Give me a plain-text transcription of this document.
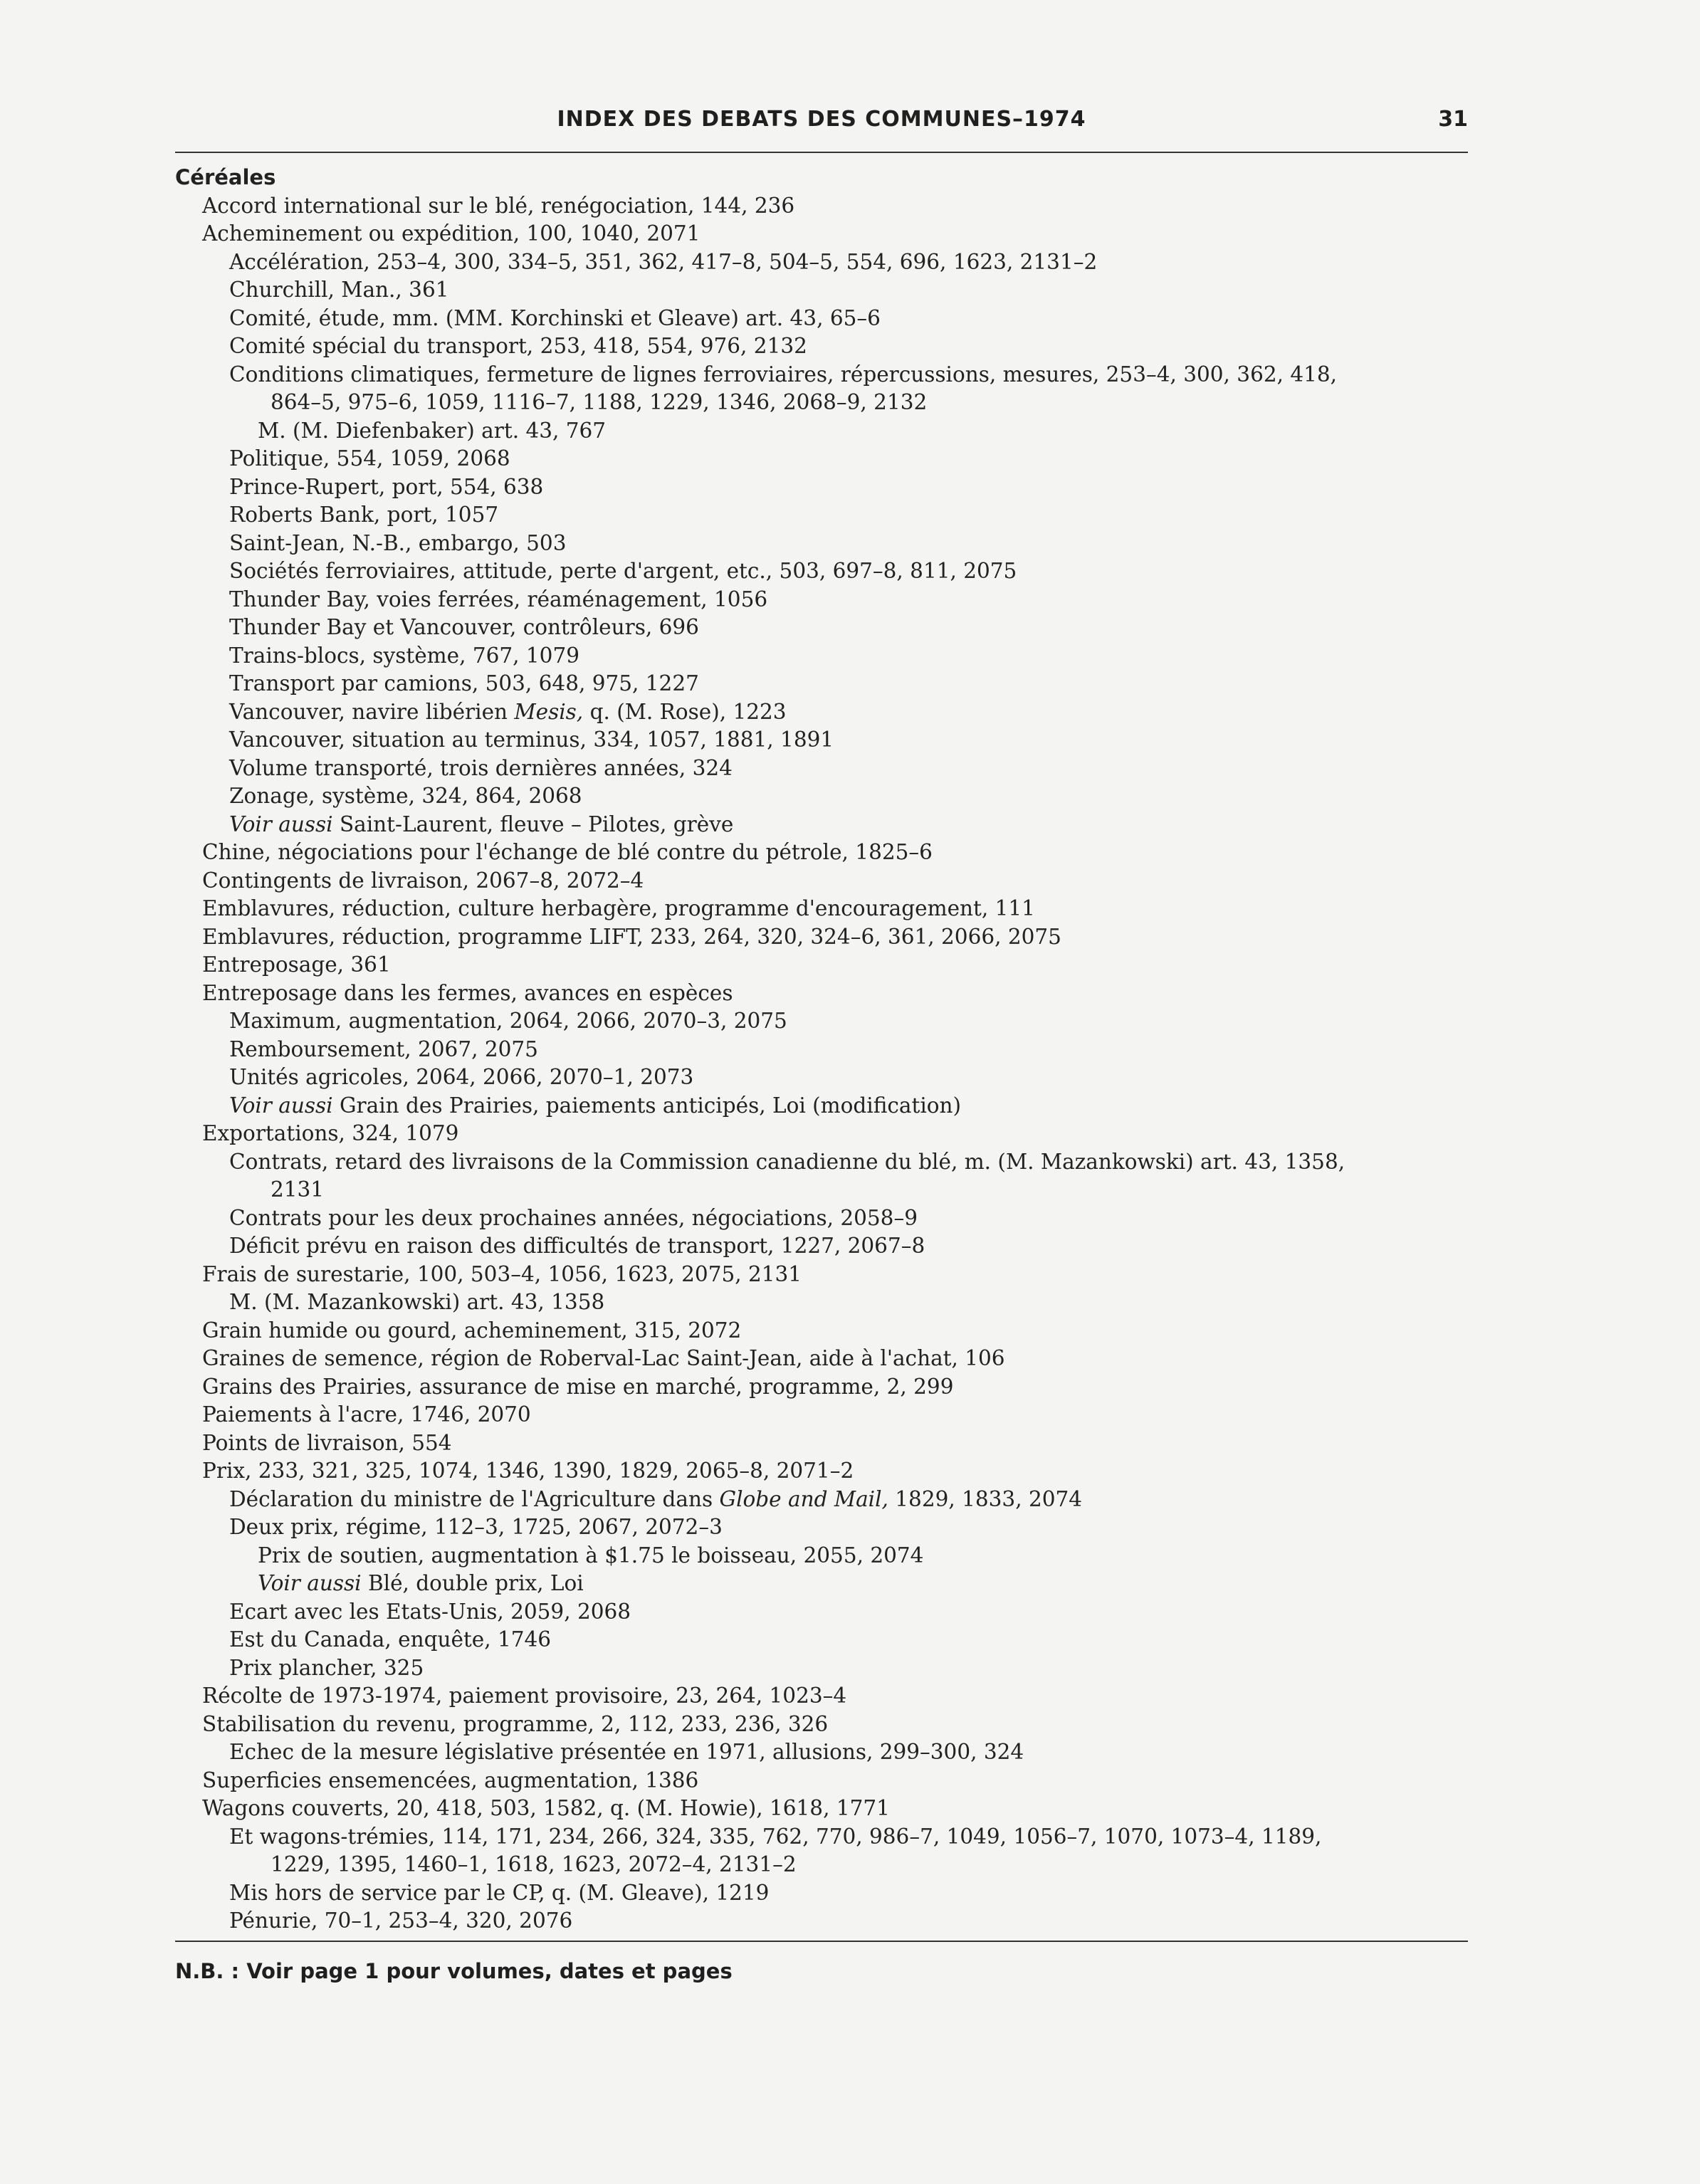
INDEX DES DEBATS DES COMMUNES–1974	31
Céréales
Accord international sur le blé, renégociation, 144, 236
Acheminement ou expédition, 100, 1040, 2071
Accélération, 253–4, 300, 334–5, 351, 362, 417–8, 504–5, 554, 696, 1623, 2131–2
Churchill, Man., 361
Comité, étude, mm. (MM. Korchinski et Gleave) art. 43, 65–6
Comité spécial du transport, 253, 418, 554, 976, 2132
Conditions climatiques, fermeture de lignes ferroviaires, répercussions, mesures, 253–4, 300, 362, 418,
864–5, 975–6, 1059, 1116–7, 1188, 1229, 1346, 2068–9, 2132
M. (M. Diefenbaker) art. 43, 767
Politique, 554, 1059, 2068
Prince-Rupert, port, 554, 638
Roberts Bank, port, 1057
Saint-Jean, N.-B., embargo, 503
Sociétés ferroviaires, attitude, perte d'argent, etc., 503, 697–8, 811, 2075
Thunder Bay, voies ferrées, réaménagement, 1056
Thunder Bay et Vancouver, contrôleurs, 696
Trains-blocs, système, 767, 1079
Transport par camions, 503, 648, 975, 1227
Vancouver, navire libérien Mesis, q. (M. Rose), 1223
Vancouver, situation au terminus, 334, 1057, 1881, 1891
Volume transporté, trois dernières années, 324
Zonage, système, 324, 864, 2068
Voir aussi Saint-Laurent, fleuve – Pilotes, grève
Chine, négociations pour l'échange de blé contre du pétrole, 1825–6
Contingents de livraison, 2067–8, 2072–4
Emblavures, réduction, culture herbagère, programme d'encouragement, 111
Emblavures, réduction, programme LIFT, 233, 264, 320, 324–6, 361, 2066, 2075
Entreposage, 361
Entreposage dans les fermes, avances en espèces
Maximum, augmentation, 2064, 2066, 2070–3, 2075
Remboursement, 2067, 2075
Unités agricoles, 2064, 2066, 2070–1, 2073
Voir aussi Grain des Prairies, paiements anticipés, Loi (modification)
Exportations, 324, 1079
Contrats, retard des livraisons de la Commission canadienne du blé, m. (M. Mazankowski) art. 43, 1358,
2131
Contrats pour les deux prochaines années, négociations, 2058–9
Déficit prévu en raison des difficultés de transport, 1227, 2067–8
Frais de surestarie, 100, 503–4, 1056, 1623, 2075, 2131
M. (M. Mazankowski) art. 43, 1358
Grain humide ou gourd, acheminement, 315, 2072
Graines de semence, région de Roberval-Lac Saint-Jean, aide à l'achat, 106
Grains des Prairies, assurance de mise en marché, programme, 2, 299
Paiements à l'acre, 1746, 2070
Points de livraison, 554
Prix, 233, 321, 325, 1074, 1346, 1390, 1829, 2065–8, 2071–2
Déclaration du ministre de l'Agriculture dans Globe and Mail, 1829, 1833, 2074
Deux prix, régime, 112–3, 1725, 2067, 2072–3
Prix de soutien, augmentation à $1.75 le boisseau, 2055, 2074
Voir aussi Blé, double prix, Loi
Ecart avec les Etats-Unis, 2059, 2068
Est du Canada, enquête, 1746
Prix plancher, 325
Récolte de 1973-1974, paiement provisoire, 23, 264, 1023–4
Stabilisation du revenu, programme, 2, 112, 233, 236, 326
Echec de la mesure législative présentée en 1971, allusions, 299–300, 324
Superficies ensemencées, augmentation, 1386
Wagons couverts, 20, 418, 503, 1582, q. (M. Howie), 1618, 1771
Et wagons-trémies, 114, 171, 234, 266, 324, 335, 762, 770, 986–7, 1049, 1056–7, 1070, 1073–4, 1189,
1229, 1395, 1460–1, 1618, 1623, 2072–4, 2131–2
Mis hors de service par le CP, q. (M. Gleave), 1219
Pénurie, 70–1, 253–4, 320, 2076
N.B. : Voir page 1 pour volumes, dates et pages
